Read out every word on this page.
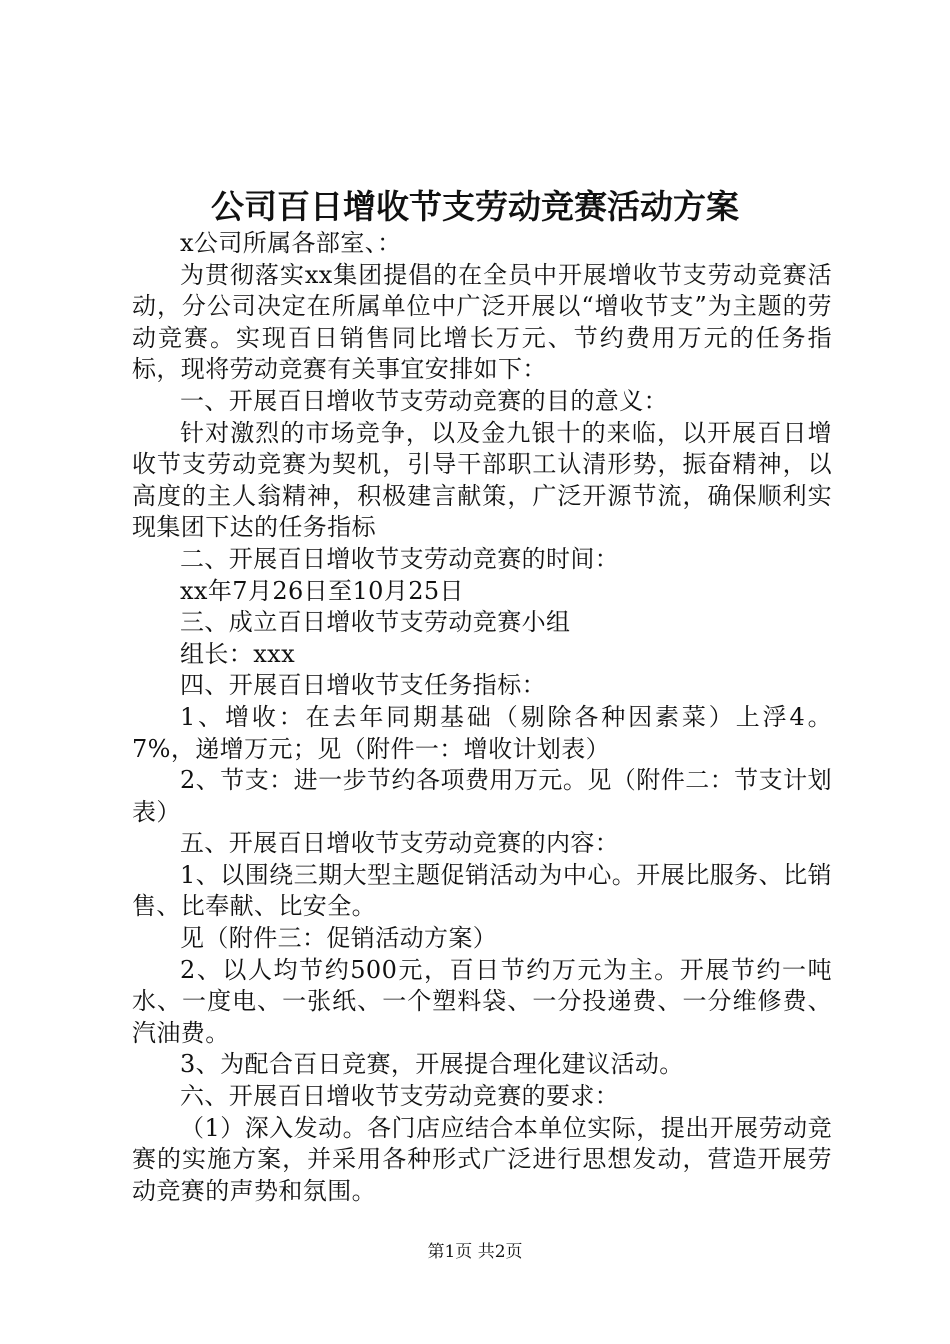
公司百日增收节支劳动竞赛活动方案

x公司所属各部室、：

为贯彻落实xx集团提倡的在全员中开展增收节支劳动竞赛活动，分公司决定在所属单位中广泛开展以“增收节支”为主题的劳动竞赛。实现百日销售同比增长万元、节约费用万元的任务指标，现将劳动竞赛有关事宜安排如下：

一、开展百日增收节支劳动竞赛的目的意义：

针对激烈的市场竞争，以及金九银十的来临，以开展百日增收节支劳动竞赛为契机，引导干部职工认清形势，振奋精神，以高度的主人翁精神，积极建言献策，广泛开源节流，确保顺利实现集团下达的任务指标

二、开展百日增收节支劳动竞赛的时间：

xx年7月26日至10月25日

三、成立百日增收节支劳动竞赛小组

组长：xxx

四、开展百日增收节支任务指标：

1、增收：在去年同期基础（剔除各种因素菜）上浮4。7%，递增万元；见（附件一：增收计划表）

2、节支：进一步节约各项费用万元。见（附件二：节支计划表）

五、开展百日增收节支劳动竞赛的内容：

1、以围绕三期大型主题促销活动为中心。开展比服务、比销售、比奉献、比安全。

见（附件三：促销活动方案）

2、以人均节约500元，百日节约万元为主。开展节约一吨水、一度电、一张纸、一个塑料袋、一分投递费、一分维修费、汽油费。

3、为配合百日竞赛，开展提合理化建议活动。

六、开展百日增收节支劳动竞赛的要求：

（1）深入发动。各门店应结合本单位实际，提出开展劳动竞赛的实施方案，并采用各种形式广泛进行思想发动，营造开展劳动竞赛的声势和氛围。

第1页 共2页
